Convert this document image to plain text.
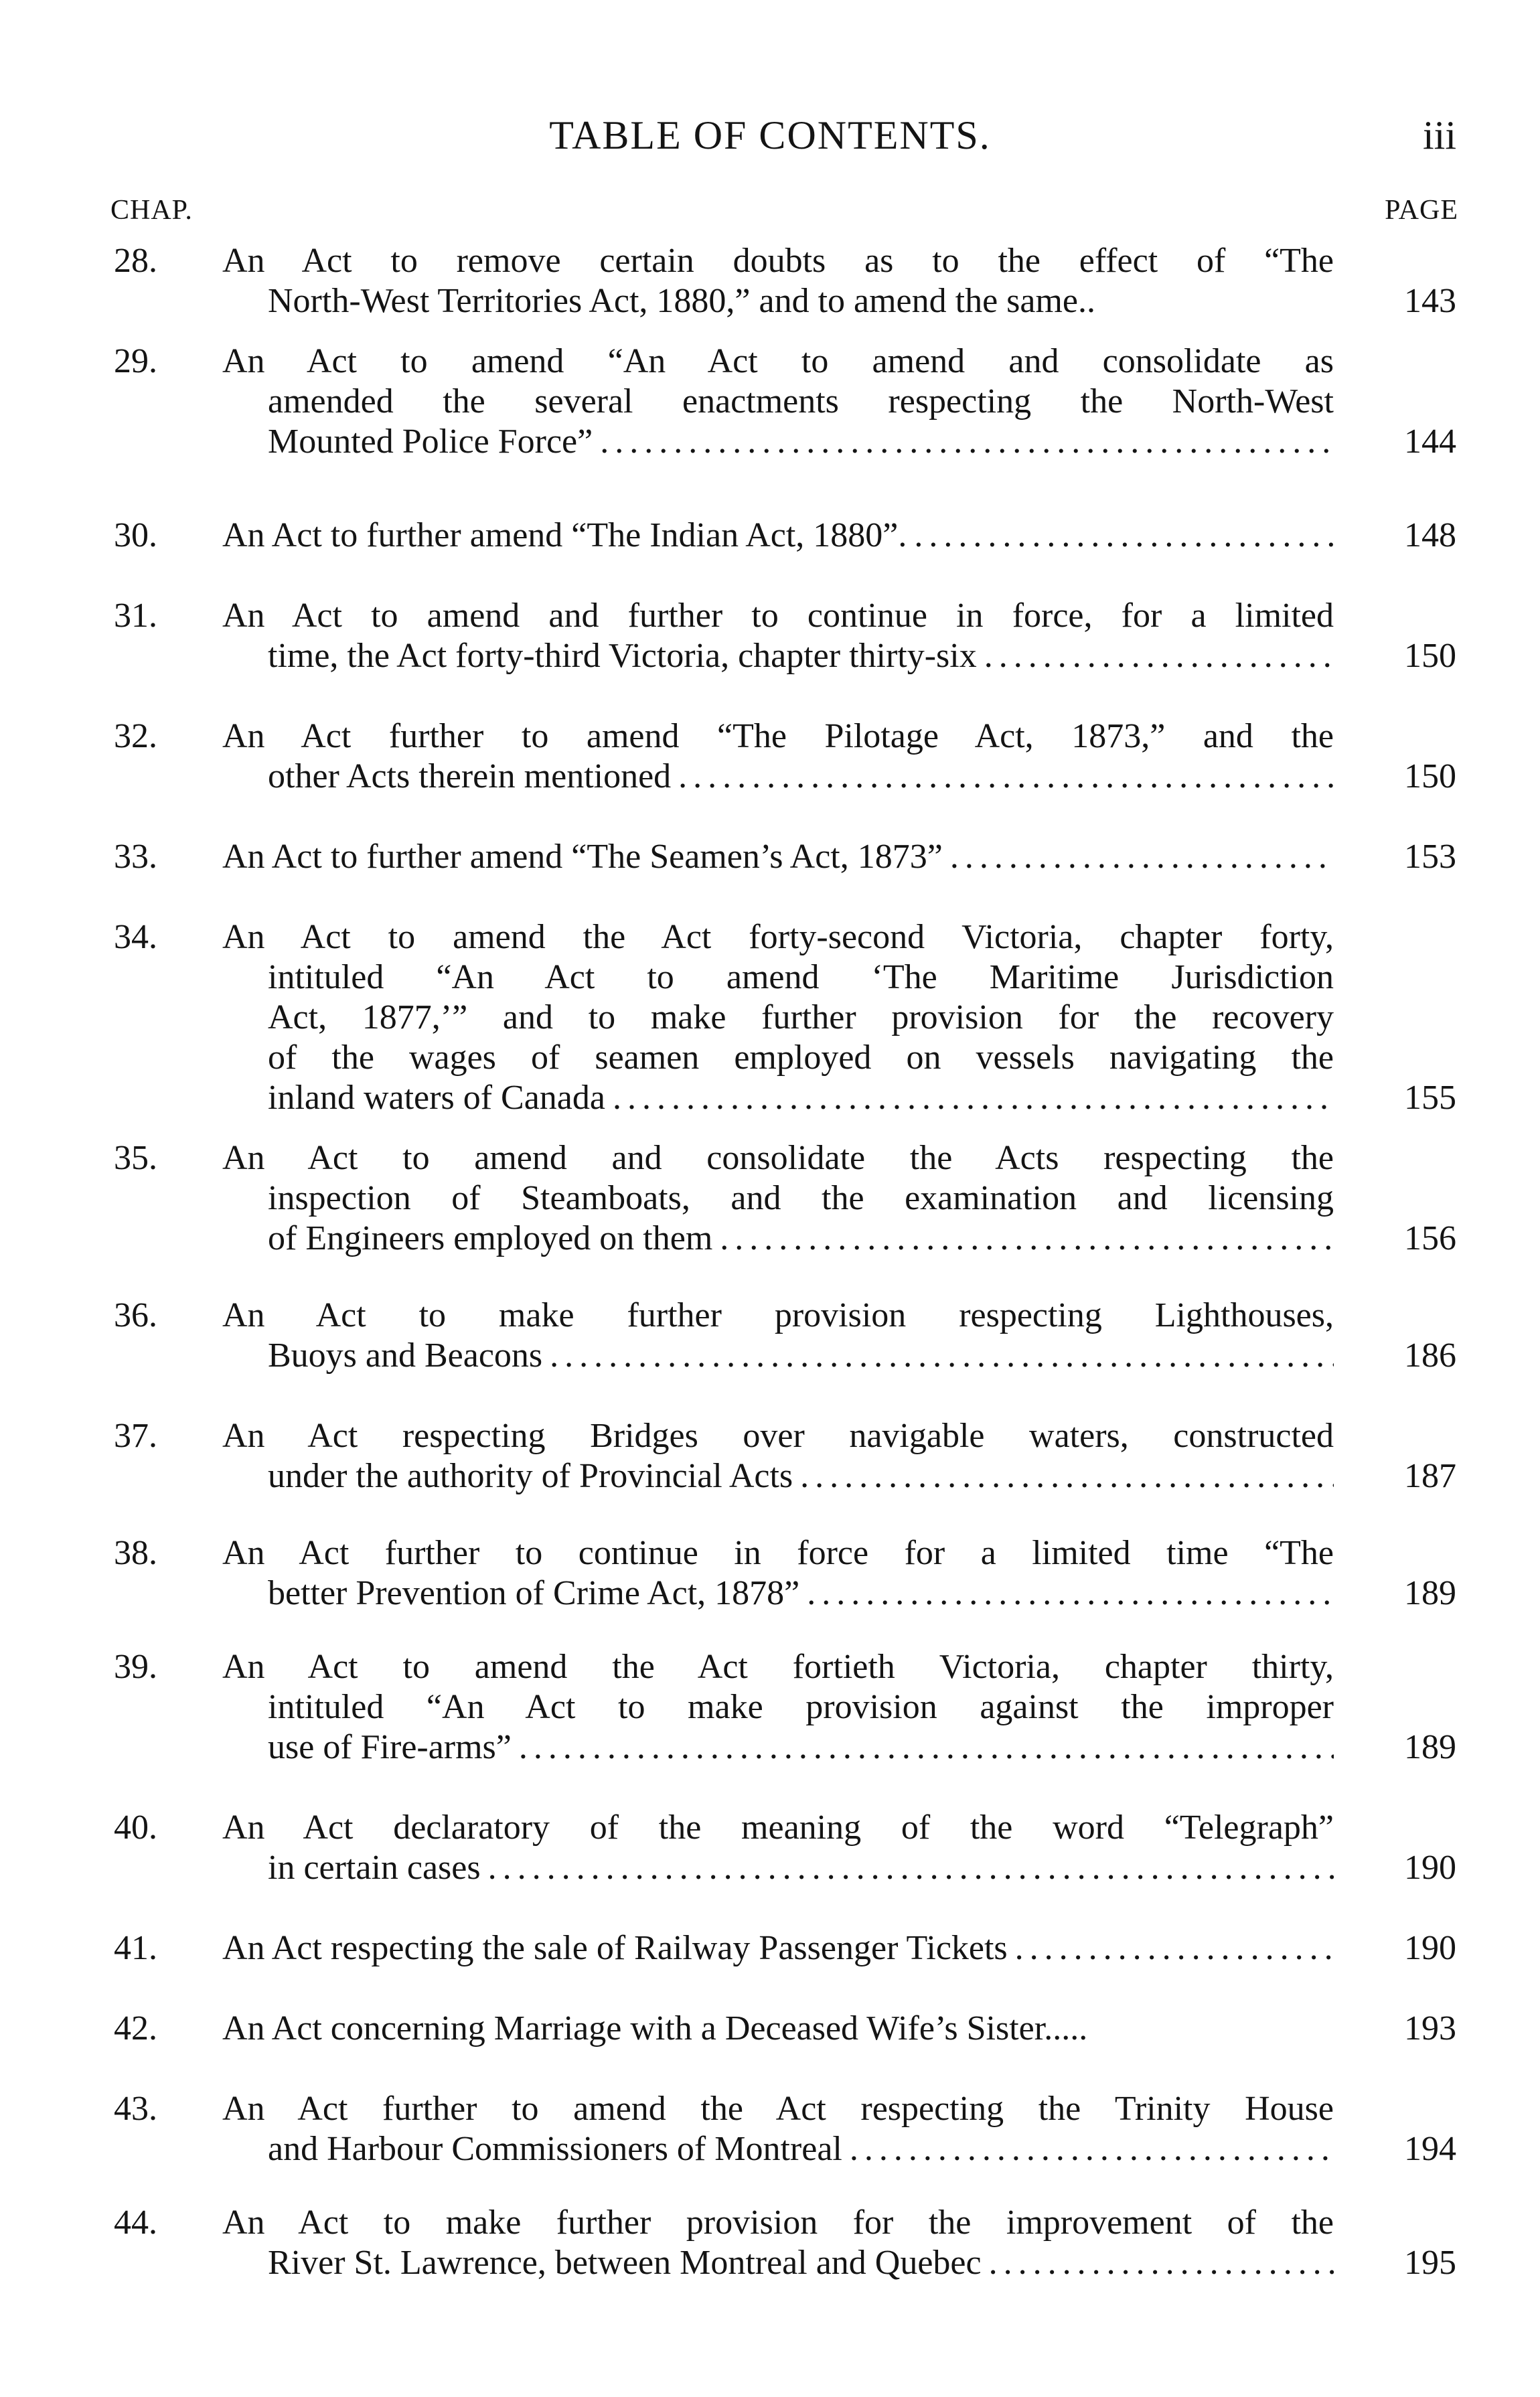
TABLE OF CONTENTS.	iii
CHAP.	PAGE
28.	An Act to remove certain doubts as to the effect of “The
North-West Territories Act, 1880,” and to amend the same..	143
29.	An Act to amend “An Act to amend and consolidate as
amended the several enactments respecting the North-West
Mounted Police Force” . . .	144
30.	An Act to further amend “The Indian Act, 1880”. . . .	148
31.	An Act to amend and further to continue in force, for a limited
time, the Act forty-third Victoria, chapter thirty-six . . .	150
32.	An Act further to amend “The Pilotage Act, 1873,” and the
other Acts therein mentioned . . .	150
33.	An Act to further amend “The Seamen’s Act, 1873” . . .	153
34.	An Act to amend the Act forty-second Victoria, chapter forty,
intituled “An Act to amend ‘The Maritime Jurisdiction
Act, 1877,’” and to make further provision for the recovery
of the wages of seamen employed on vessels navigating the
inland waters of Canada . . .	155
35.	An Act to amend and consolidate the Acts respecting the
inspection of Steamboats, and the examination and licensing
of Engineers employed on them . . .	156
36.	An Act to make further provision respecting Lighthouses,
Buoys and Beacons . . .	186
37.	An Act respecting Bridges over navigable waters, constructed
under the authority of Provincial Acts . . .	187
38.	An Act further to continue in force for a limited time “The
better Prevention of Crime Act, 1878” . . .	189
39.	An Act to amend the Act fortieth Victoria, chapter thirty,
intituled “An Act to make provision against the improper
use of Fire-arms” . . .	189
40.	An Act declaratory of the meaning of the word “Telegraph”
in certain cases . . .	190
41.	An Act respecting the sale of Railway Passenger Tickets . . .	190
42.	An Act concerning Marriage with a Deceased Wife’s Sister.....	193
43.	An Act further to amend the Act respecting the Trinity House
and Harbour Commissioners of Montreal . . .	194
44.	An Act to make further provision for the improvement of the
River St. Lawrence, between Montreal and Quebec . . .	195
